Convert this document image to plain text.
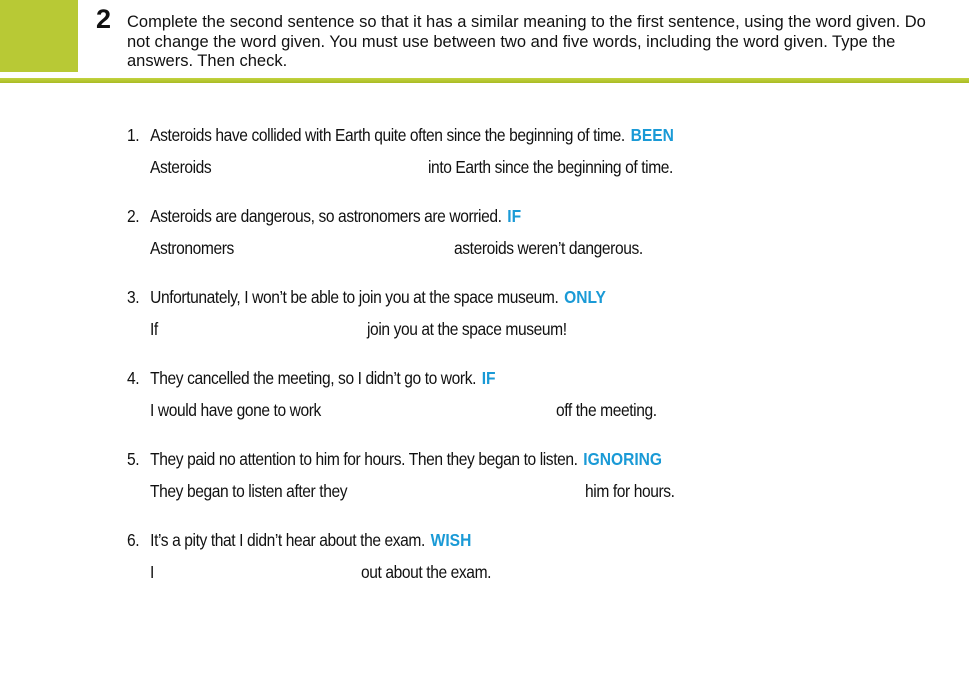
2 Complete the second sentence so that it has a similar meaning to the first sentence, using the word given. Do not change the word given. You must use between two and five words, including the word given. Type the answers. Then check.
1. Asteroids have collided with Earth quite often since the beginning of time. BEEN
Asteroids	into Earth since the beginning of time.
2. Asteroids are dangerous, so astronomers are worried. IF
Astronomers	asteroids weren’t dangerous.
3. Unfortunately, I won’t be able to join you at the space museum. ONLY
If	join you at the space museum!
4. They cancelled the meeting, so I didn’t go to work. IF
I would have gone to work	off the meeting.
5. They paid no attention to him for hours. Then they began to listen. IGNORING
They began to listen after they	him for hours.
6. It’s a pity that I didn’t hear about the exam. WISH
I	out about the exam.
